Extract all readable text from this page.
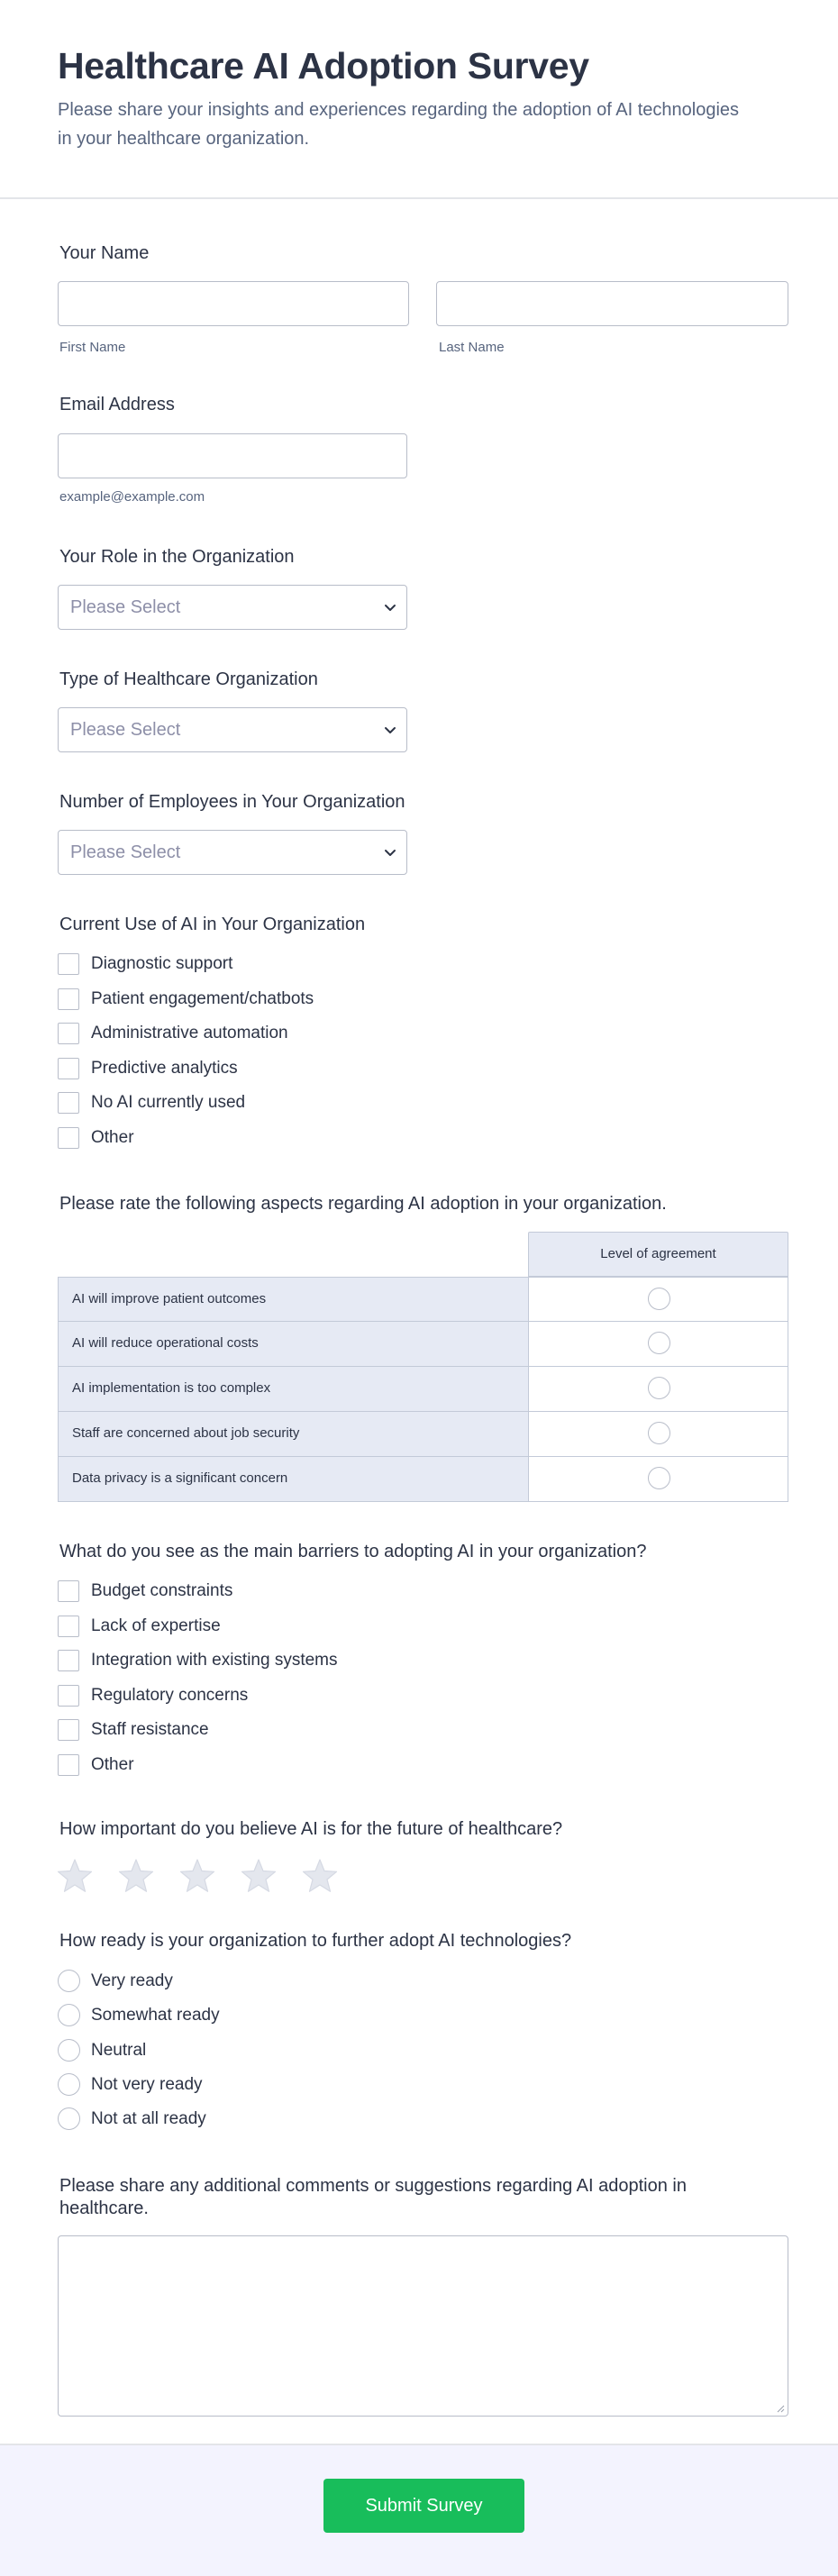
Healthcare AI Adoption Survey

Please share your insights and experiences regarding the adoption of AI technologies in your healthcare organization.

Your Name
First Name	Last Name
Email Address
example@example.com
Your Role in the Organization
Please Select
Type of Healthcare Organization
Please Select
Number of Employees in Your Organization
Please Select
Current Use of AI in Your Organization
Diagnostic support
Patient engagement/chatbots
Administrative automation
Predictive analytics
No AI currently used
Other
Please rate the following aspects regarding AI adoption in your organization.
Level of agreement
AI will improve patient outcomes
AI will reduce operational costs
AI implementation is too complex
Staff are concerned about job security
Data privacy is a significant concern
What do you see as the main barriers to adopting AI in your organization?
Budget constraints
Lack of expertise
Integration with existing systems
Regulatory concerns
Staff resistance
Other
How important do you believe AI is for the future of healthcare?
How ready is your organization to further adopt AI technologies?
Very ready
Somewhat ready
Neutral
Not very ready
Not at all ready
Please share any additional comments or suggestions regarding AI adoption in healthcare.
Submit Survey
